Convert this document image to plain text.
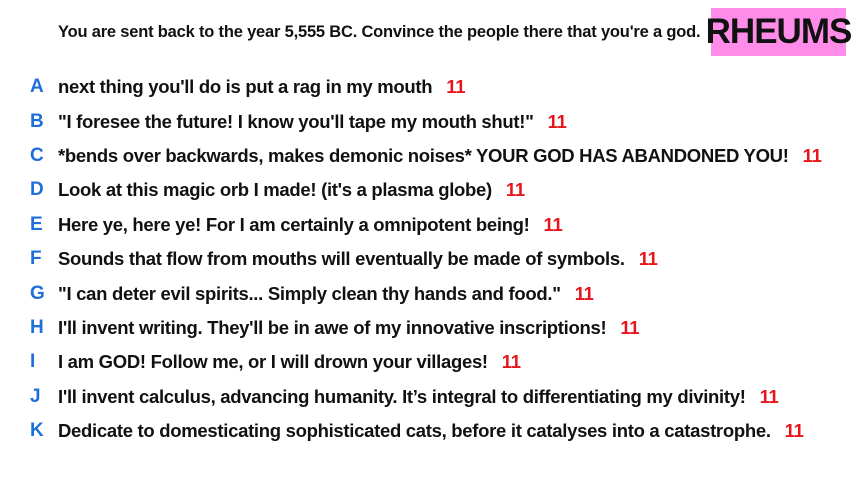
You are sent back to the year 5,555 BC. Convince the people there that you're a god. RHEUMS
A next thing you'll do is put a rag in my mouth 11
B "I foresee the future! I know you'll tape my mouth shut!" 11
C *bends over backwards, makes demonic noises* YOUR GOD HAS ABANDONED YOU! 11
D Look at this magic orb I made! (it's a plasma globe) 11
E Here ye, here ye! For I am certainly a omnipotent being! 11
F Sounds that flow from mouths will eventually be made of symbols. 11
G "I can deter evil spirits... Simply clean thy hands and food." 11
H I'll invent writing. They'll be in awe of my innovative inscriptions! 11
I	I am GOD! Follow me, or I will drown your villages! 11
J I'll invent calculus, advancing humanity. It’s integral to differentiating my divinity! 11
K Dedicate to domesticating sophisticated cats, before it catalyses into a catastrophe. 11
